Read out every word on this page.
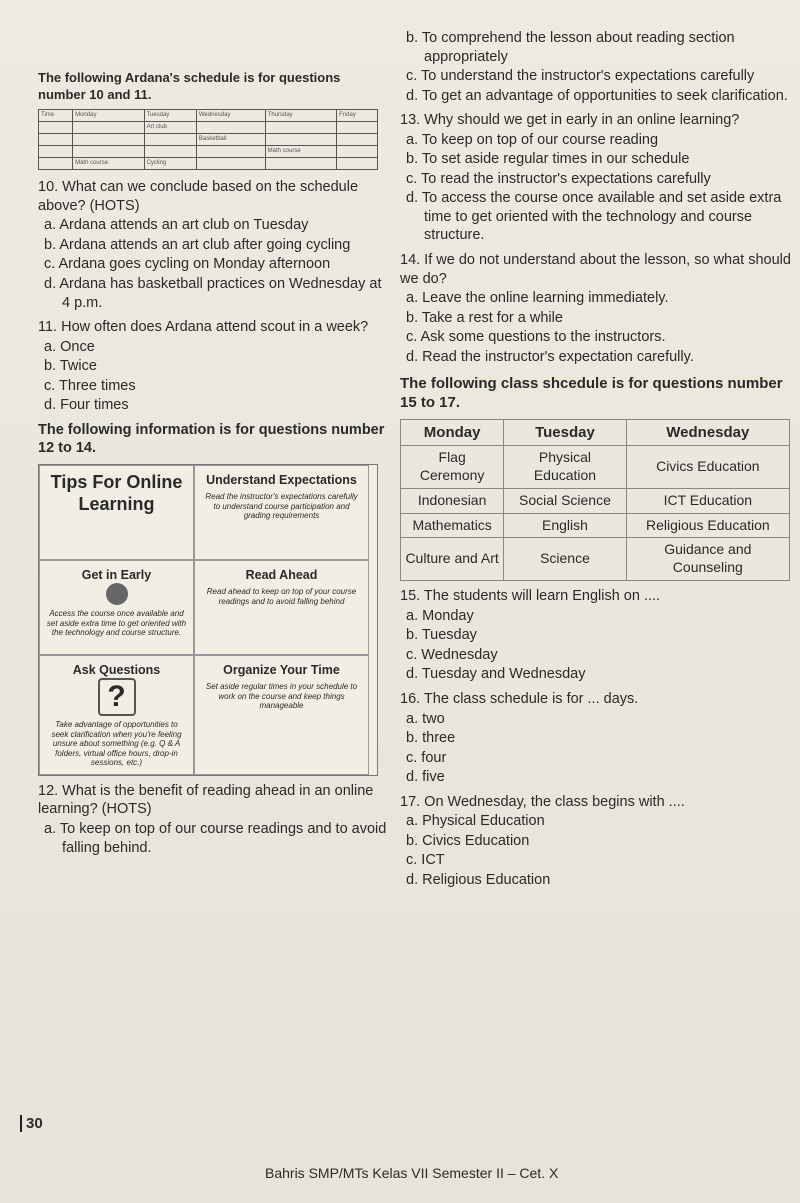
The following Ardana's schedule is for questions number 10 and 11.
Time	Monday	Tuesday	Wednesday	Thursday	Friday
		Art club			
			Basketball		
				Math course	
	Math course	Cycling			
10. What can we conclude based on the schedule above? (HOTS)
a. Ardana attends an art club on Tuesday
b. Ardana attends an art club after going cycling
c. Ardana goes cycling on Monday afternoon
d. Ardana has basketball practices on Wednesday at 4 p.m.
11. How often does Ardana attend scout in a week?
a. Once
b. Twice
c. Three times
d. Four times
The following information is for questions number 12 to 14.
Tips For Online Learning
Understand Expectations
Read the instructor's expectations carefully to understand course participation and grading requirements
Get in Early
Access the course once available and set aside extra time to get oriented with the technology and course structure.
Read Ahead
Read ahead to keep on top of your course readings and to avoid falling behind
Ask Questions
?
Take advantage of opportunities to seek clarification when you're feeling unsure about something (e.g. Q & A folders, virtual office hours, drop-in sessions, etc.)
Organize Your Time
Set aside regular times in your schedule to work on the course and keep things manageable
12. What is the benefit of reading ahead in an online learning? (HOTS)
a. To keep on top of our course readings and to avoid falling behind.
b. To comprehend the lesson about reading section appropriately
c. To understand the instructor's expectations carefully
d. To get an advantage of opportunities to seek clarification.
13. Why should we get in early in an online learning?
a. To keep on top of our course reading
b. To set aside regular times in our schedule
c. To read the instructor's expectations carefully
d. To access the course once available and set aside extra time to get oriented with the technology and course structure.
14. If we do not understand about the lesson, so what should we do?
a. Leave the online learning immediately.
b. Take a rest for a while
c. Ask some questions to the instructors.
d. Read the instructor's expectation carefully.
The following class shcedule is for questions number 15 to 17.
Monday	Tuesday	Wednesday
Flag Ceremony	Physical Education	Civics Education
Indonesian	Social Science	ICT Education
Mathematics	English	Religious Education
Culture and Art	Science	Guidance and Counseling
15. The students will learn English on ....
a. Monday
b. Tuesday
c. Wednesday
d. Tuesday and Wednesday
16. The class schedule is for ... days.
a. two
b. three
c. four
d. five
17. On Wednesday, the class begins with ....
a. Physical Education
b. Civics Education
c. ICT
d. Religious Education
30
Bahris SMP/MTs Kelas VII Semester II – Cet. X
